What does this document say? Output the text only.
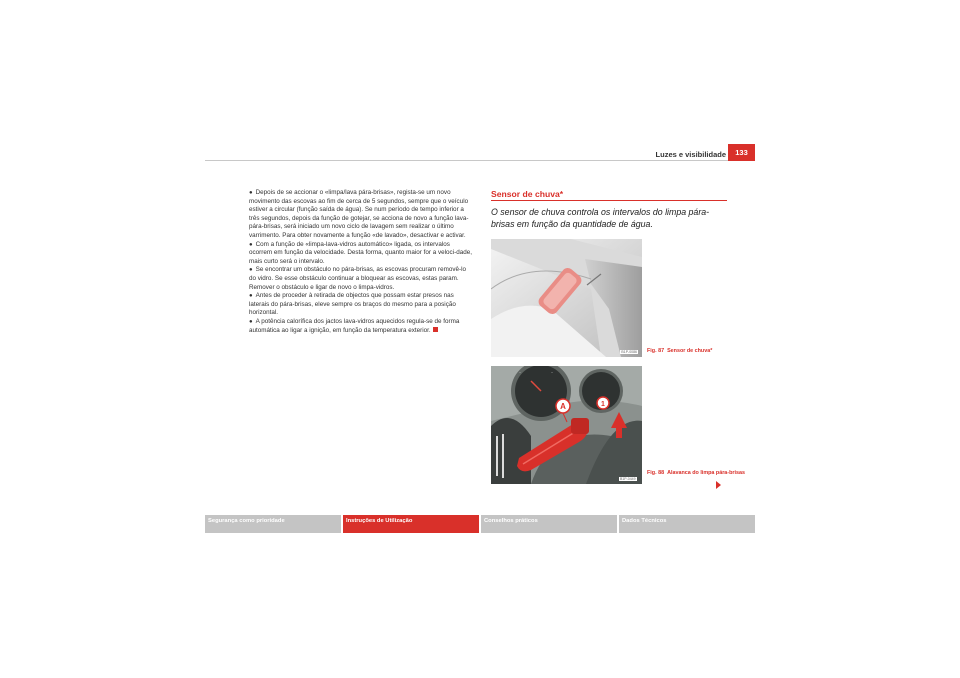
Luzes e visibilidade	133
● Depois de se accionar o «limpa/lava pára-brisas», regista-se um novo movimento das escovas ao fim de cerca de 5 segundos, sempre que o veículo estiver a circular (função saída de água). Se num período de tempo inferior a três segundos, depois da função de gotejar, se acciona de novo a função lava-pára-brisas, será iniciado um novo ciclo de lavagem sem realizar o último varrimento. Para obter novamente a função «de lavado», desactivar e activar.
● Com a função de «limpa-lava-vidros automático» ligada, os intervalos ocorrem em função da velocidade. Desta forma, quanto maior for a veloci-dade, mais curto será o intervalo.
● Se encontrar um obstáculo no pára-brisas, as escovas procuram removê-lo do vidro. Se esse obstáculo continuar a bloquear as escovas, estas param. Remover o obstáculo e ligar de novo o limpa-vidros.
● Antes de proceder à retirada de objectos que possam estar presos nas laterais do pára-brisas, eleve sempre os braços do mesmo para a posição horizontal.
● A potência calorífica dos jactos lava-vidros aquecidos regula-se de forma automática ao ligar a ignição, em função da temperatura exterior.
Sensor de chuva*
O sensor de chuva controla os intervalos do limpa pára-brisas em função da quantidade de água.
B1P-0086 Fig. 87 Sensor de chuva*
~	~
A	1
B1P-0449
Fig. 88 Alavanca do limpa pára-brisas
Segurança como prioridade	Instruções de Utilização	Conselhos práticos	Dados Técnicos
